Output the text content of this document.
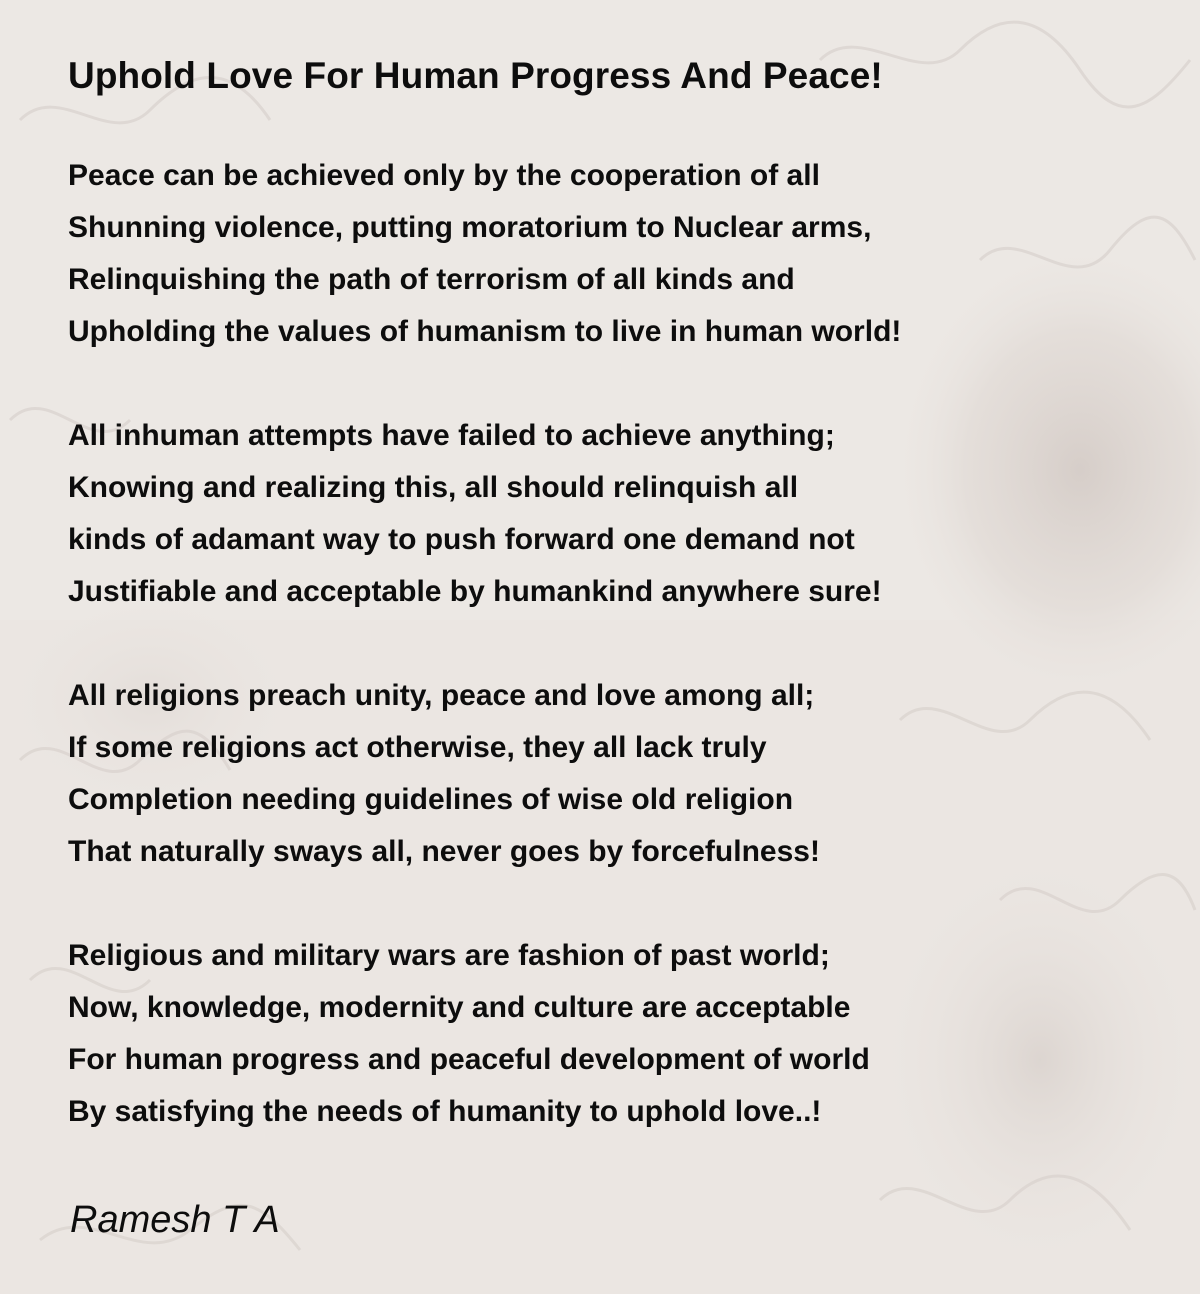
Uphold Love For Human Progress And Peace!
Peace can be achieved only by the cooperation of all
Shunning violence, putting moratorium to Nuclear arms,
Relinquishing the path of terrorism of all kinds and
Upholding the values of humanism to live in human world!
All inhuman attempts have failed to achieve anything;
Knowing and realizing this, all should relinquish all
kinds of adamant way to push forward one demand not
Justifiable and acceptable by humankind anywhere sure!
All religions preach unity, peace and love among all;
If some religions act otherwise, they all lack truly
Completion needing guidelines of wise old religion
That naturally sways all, never goes by forcefulness!
Religious and military wars are fashion of past world;
Now, knowledge, modernity and culture are acceptable
For human progress and peaceful development of world
By satisfying the needs of humanity to uphold love..!

Ramesh T A
